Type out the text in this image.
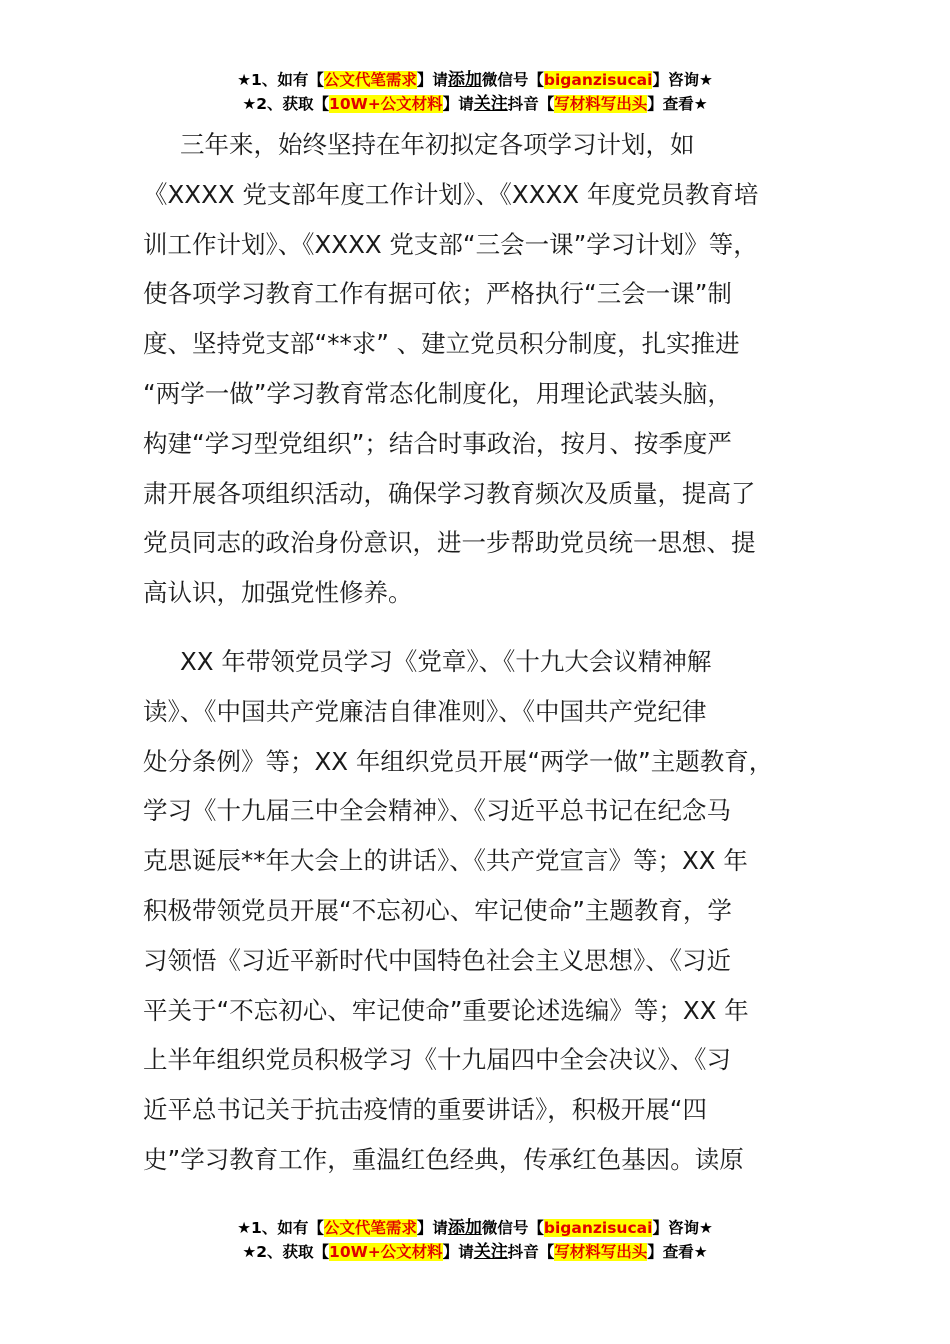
★1、如有【公文代笔需求】请添加微信号【biganzisucai】咨询★
★2、获取【10W+公文材料】请关注抖音【写材料写出头】查看★
三年来，始终坚持在年初拟定各项学习计划，如
《XXXX 党支部年度工作计划》、《XXXX 年度党员教育培
训工作计划》、《XXXX 党支部“三会一课”学习计划》等，
使各项学习教育工作有据可依；严格执行“三会一课”制
度、坚持党支部“**求” 、建立党员积分制度，扎实推进
“两学一做”学习教育常态化制度化，用理论武装头脑，
构建“学习型党组织”；结合时事政治，按月、按季度严
肃开展各项组织活动，确保学习教育频次及质量，提高了
党员同志的政治身份意识，进一步帮助党员统一思想、提
高认识，加强党性修养。
XX 年带领党员学习《党章》、《十九大会议精神解
读》、《中国共产党廉洁自律准则》、《中国共产党纪律
处分条例》等；XX 年组织党员开展“两学一做”主题教育，
学习《十九届三中全会精神》、《习近平总书记在纪念马
克思诞辰**年大会上的讲话》、《共产党宣言》等；XX 年
积极带领党员开展“不忘初心、牢记使命”主题教育，学
习领悟《习近平新时代中国特色社会主义思想》、《习近
平关于“不忘初心、牢记使命”重要论述选编》等；XX 年
上半年组织党员积极学习《十九届四中全会决议》、《习
近平总书记关于抗击疫情的重要讲话》，积极开展“四
史”学习教育工作，重温红色经典，传承红色基因。读原
★1、如有【公文代笔需求】请添加微信号【biganzisucai】咨询★
★2、获取【10W+公文材料】请关注抖音【写材料写出头】查看★
